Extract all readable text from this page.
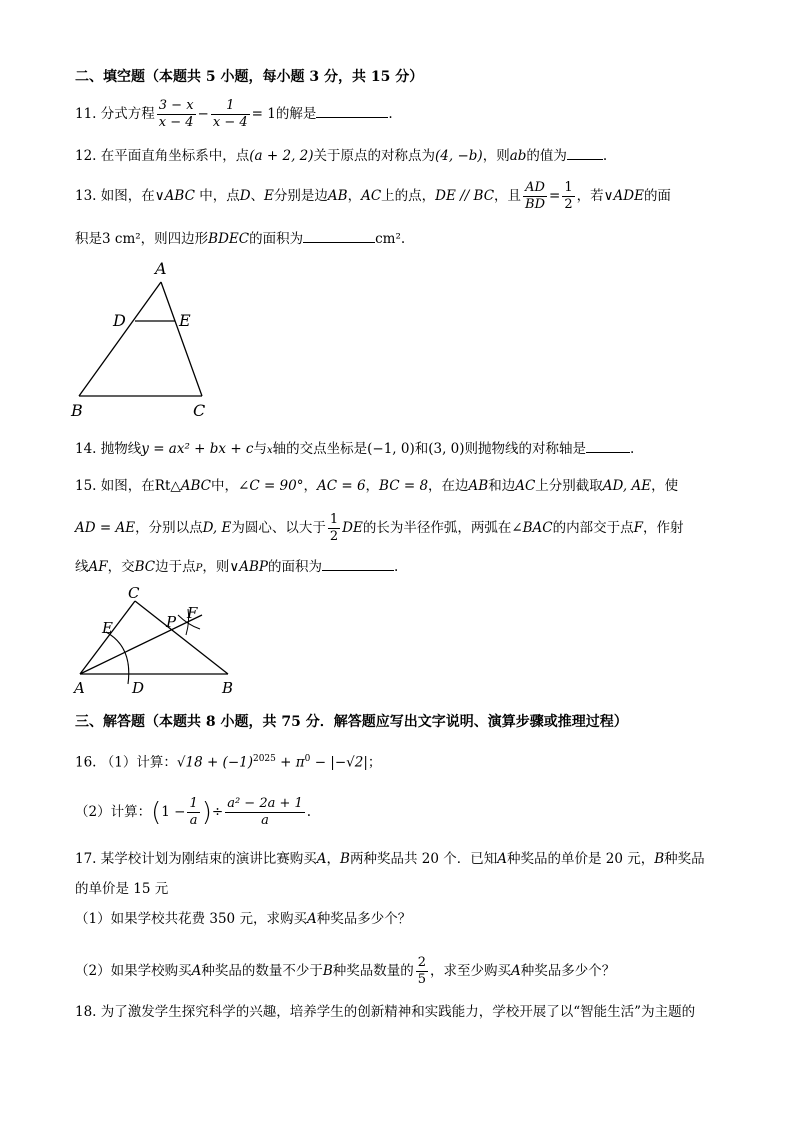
二、填空题（本题共 5 小题，每小题 3 分，共 15 分）
11. 分式方程 $\frac{3 - x}{x - 4} - \frac{1}{x - 4} = 1$的解是	.
12. 在平面直角坐标系中，点(a + 2, 2)关于原点的对称点为(4, −b)，则ab的值为	.
13. 如图，在∨ABC 中，点D、E分别是边AB，AC上的点，DE // BC，且 $\frac{AD}{BD} = \frac{1}{2}$ ，若∨ADE的面
积是3 cm²，则四边形BDEC的面积为	cm².
A
D	E
B	C
14. 抛物线y = ax² + bx + c与x轴的交点坐标是(−1, 0)和(3, 0)则抛物线的对称轴是	.
15. 如图，在Rt△ABC中，∠C = 90°，AC = 6，BC = 8，在边AB和边AC上分别截取AD, AE，使
AD = AE，分别以点D, E为圆心、以大于 $\frac{1}{2}$ DE的长为半径作弧，两弧在∠BAC的内部交于点F，作射
线AF，交BC边于点P，则∨ABP的面积为	.
C
E	P F
A	D	B
三、解答题（本题共 8 小题，共 75 分．解答题应写出文字说明、演算步骤或推理过程）
16. （1）计算：$√18 + (-1)^{2025} + \pi^0 - |-√2|$；
（2）计算：($1 - \frac{1}{a}$ )÷ $\frac{\text{a² − 2a + 1}}{a}$ .
17. 某学校计划为刚结束的演讲比赛购买A，B两种奖品共 20 个．已知A种奖品的单价是 20 元，B种奖品
的单价是 15 元
（1）如果学校共花费 350 元，求购买A种奖品多少个？
（2）如果学校购买A种奖品的数量不少于B种奖品数量的 $\frac{2}{5}$ ，求至少购买A种奖品多少个？
18. 为了激发学生探究科学的兴趣，培养学生的创新精神和实践能力，学校开展了以“智能生活”为主题的
